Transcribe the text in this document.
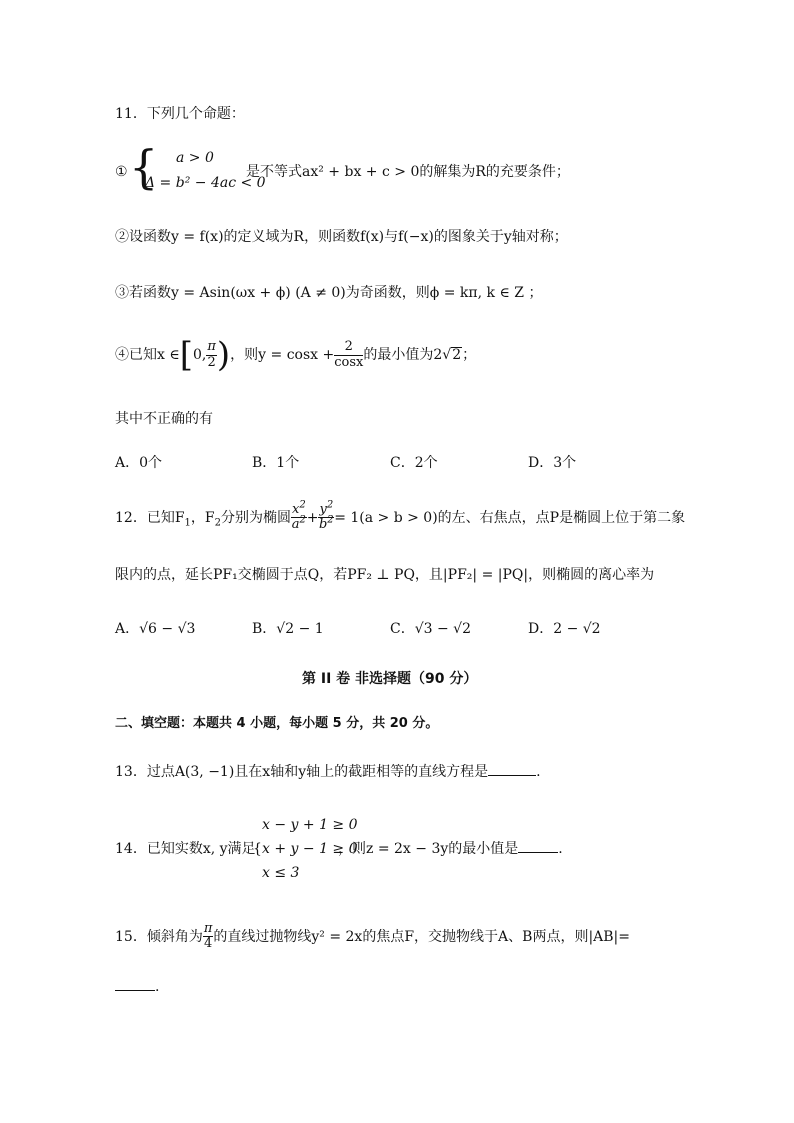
11．下列几个命题：
① { a > 0
Δ = b² − 4ac < 0
是不等式ax² + bx + c > 0的解集为R的充要条件；
②设函数y = f(x)的定义域为R，则函数f(x)与f(−x)的图象关于y轴对称；
③若函数y = Asin(ωx + ϕ) (A ≠ 0)为奇函数，则ϕ = kπ, k ∈ Z ；
④已知x ∈[0, $\frac{\pi}{2}$ )，则$y = \cos x + \frac{2}{\cos x}$ 的最小值为2√2；
其中不正确的有
A．0个	B．1个	C．2个	D．3个
12．已知$F_1$，$F_2$分别为椭圆 $\frac{x^2}{a^2} + \frac{y^2}{b^2} = 1(a > b > 0)$的左、右焦点，点P是椭圆上位于第二象
限内的点，延长PF₁交椭圆于点Q，若PF₂ ⊥ PQ，且|PF₂| = |PQ|，则椭圆的离心率为
A．√6 − √3	B．√2 − 1	C．√3 − √2	D．2 − √2
第 II 卷 非选择题（90 分）
二、填空题：本题共 4 小题，每小题 5 分，共 20 分。
13．过点A(3, −1)且在x轴和y轴上的截距相等的直线方程是	.
x − y + 1 ≥ 0
14．已知实数x, y满足
{ x + y − 1 ≥ 0
，则z = 2x − 3y的最小值是	.
x ≤ 3
15．倾斜角为 $\frac{\pi}{4}$ 的直线过抛物线y² = 2x的焦点F，交抛物线于A、B两点，则|AB|=
.
